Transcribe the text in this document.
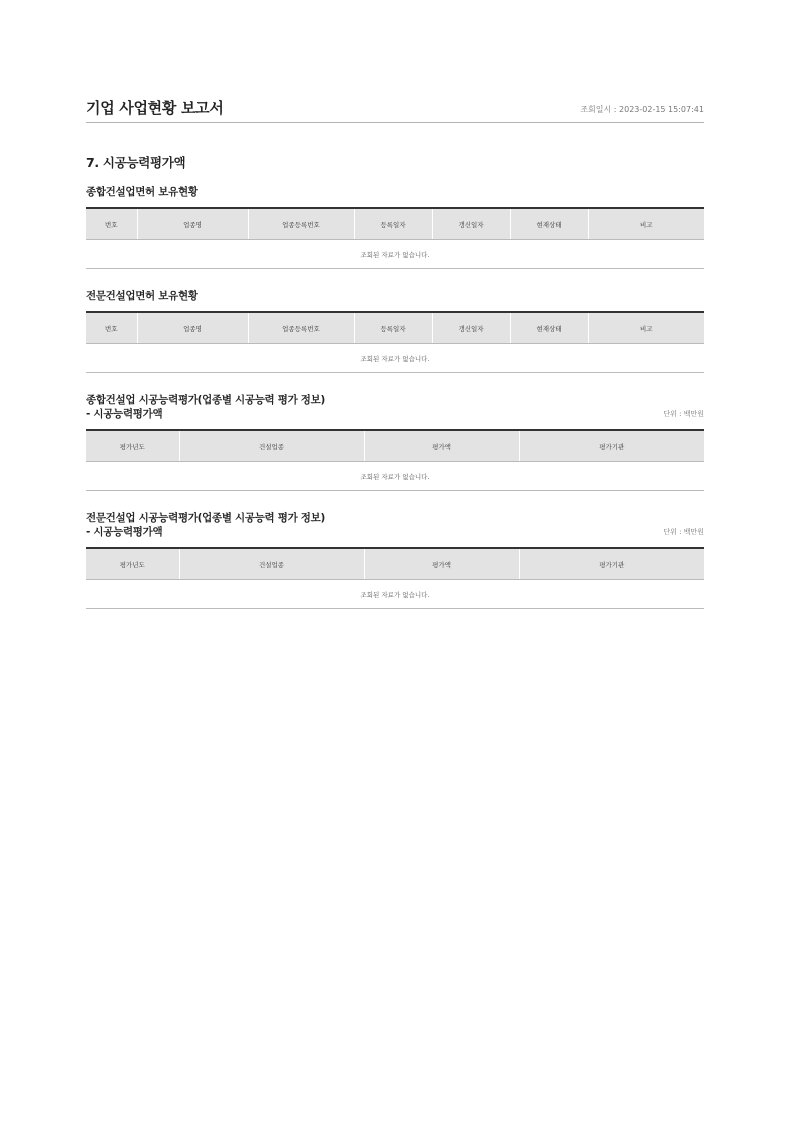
기업 사업현황 보고서	조회일시 : 2023-02-15 15:07:41
7. 시공능력평가액
종합건설업면허 보유현황
번호	업종명	업종등록번호	등록일자	갱신일자	현재상태	비고
조회된 자료가 없습니다.
전문건설업면허 보유현황
번호	업종명	업종등록번호	등록일자	갱신일자	현재상태	비고
조회된 자료가 없습니다.
종합건설업 시공능력평가(업종별 시공능력 평가 정보)
- 시공능력평가액	단위 : 백만원
평가년도	건설업종	평가액	평가기관
조회된 자료가 없습니다.
전문건설업 시공능력평가(업종별 시공능력 평가 정보)
- 시공능력평가액	단위 : 백만원
평가년도	건설업종	평가액	평가기관
조회된 자료가 없습니다.
